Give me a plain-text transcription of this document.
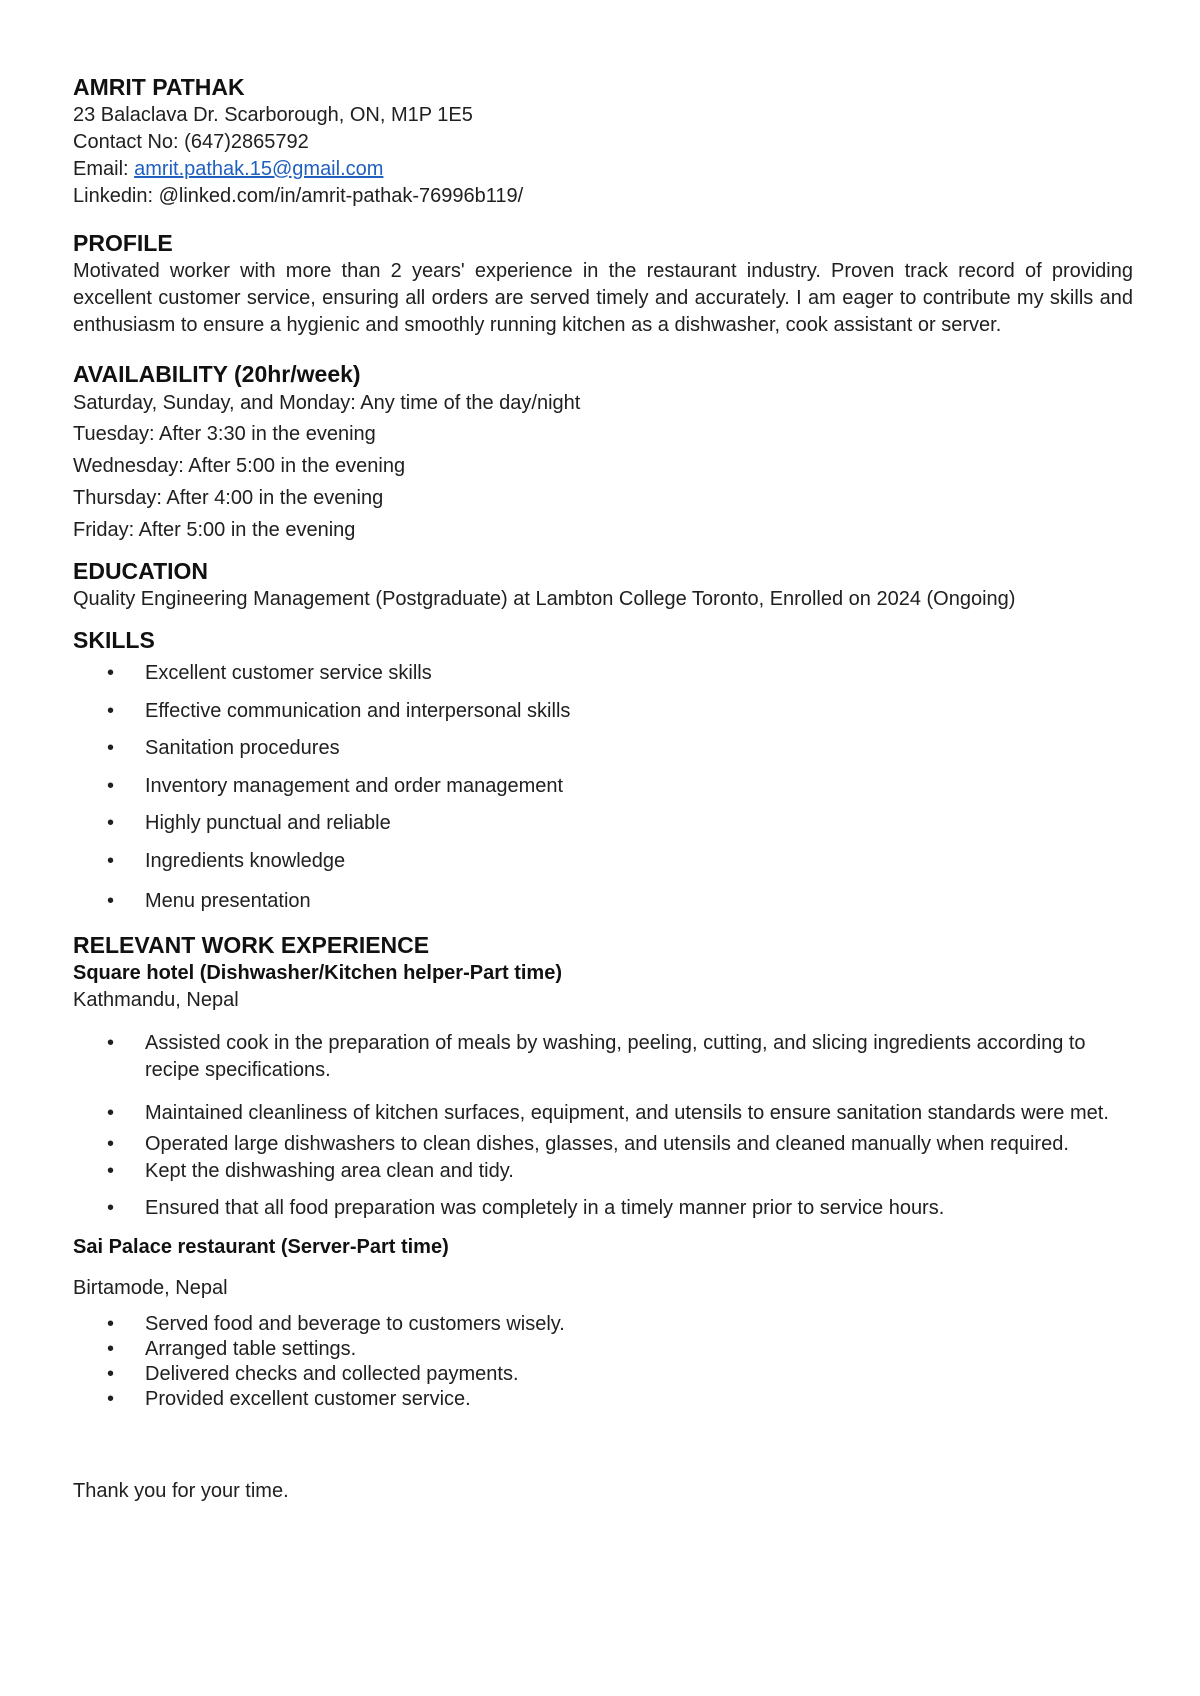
AMRIT PATHAK
23 Balaclava Dr. Scarborough, ON, M1P 1E5
Contact No: (647)2865792
Email: amrit.pathak.15@gmail.com
Linkedin: @linked.com/in/amrit-pathak-76996b119/
PROFILE

Motivated worker with more than 2 years' experience in the restaurant industry. Proven track record of providing excellent customer service, ensuring all orders are served timely and accurately. I am eager to contribute my skills and enthusiasm to ensure a hygienic and smoothly running kitchen as a dishwasher, cook assistant or server.

AVAILABILITY (20hr/week)
Saturday, Sunday, and Monday: Any time of the day/night
Tuesday: After 3:30 in the evening
Wednesday: After 5:00 in the evening
Thursday: After 4:00 in the evening
Friday: After 5:00 in the evening
EDUCATION
Quality Engineering Management (Postgraduate) at Lambton College Toronto, Enrolled on 2024 (Ongoing)
SKILLS
• Excellent customer service skills
• Effective communication and interpersonal skills
• Sanitation procedures
• Inventory management and order management
• Highly punctual and reliable
• Ingredients knowledge
• Menu presentation
RELEVANT WORK EXPERIENCE
Square hotel (Dishwasher/Kitchen helper-Part time)
Kathmandu, Nepal
• Assisted cook in the preparation of meals by washing, peeling, cutting, and slicing ingredients according to recipe specifications.
• Maintained cleanliness of kitchen surfaces, equipment, and utensils to ensure sanitation standards were met.
• Operated large dishwashers to clean dishes, glasses, and utensils and cleaned manually when required.
• Kept the dishwashing area clean and tidy.
• Ensured that all food preparation was completely in a timely manner prior to service hours.
Sai Palace restaurant (Server-Part time)
Birtamode, Nepal
• Served food and beverage to customers wisely.
• Arranged table settings.
• Delivered checks and collected payments.
• Provided excellent customer service.
Thank you for your time.
